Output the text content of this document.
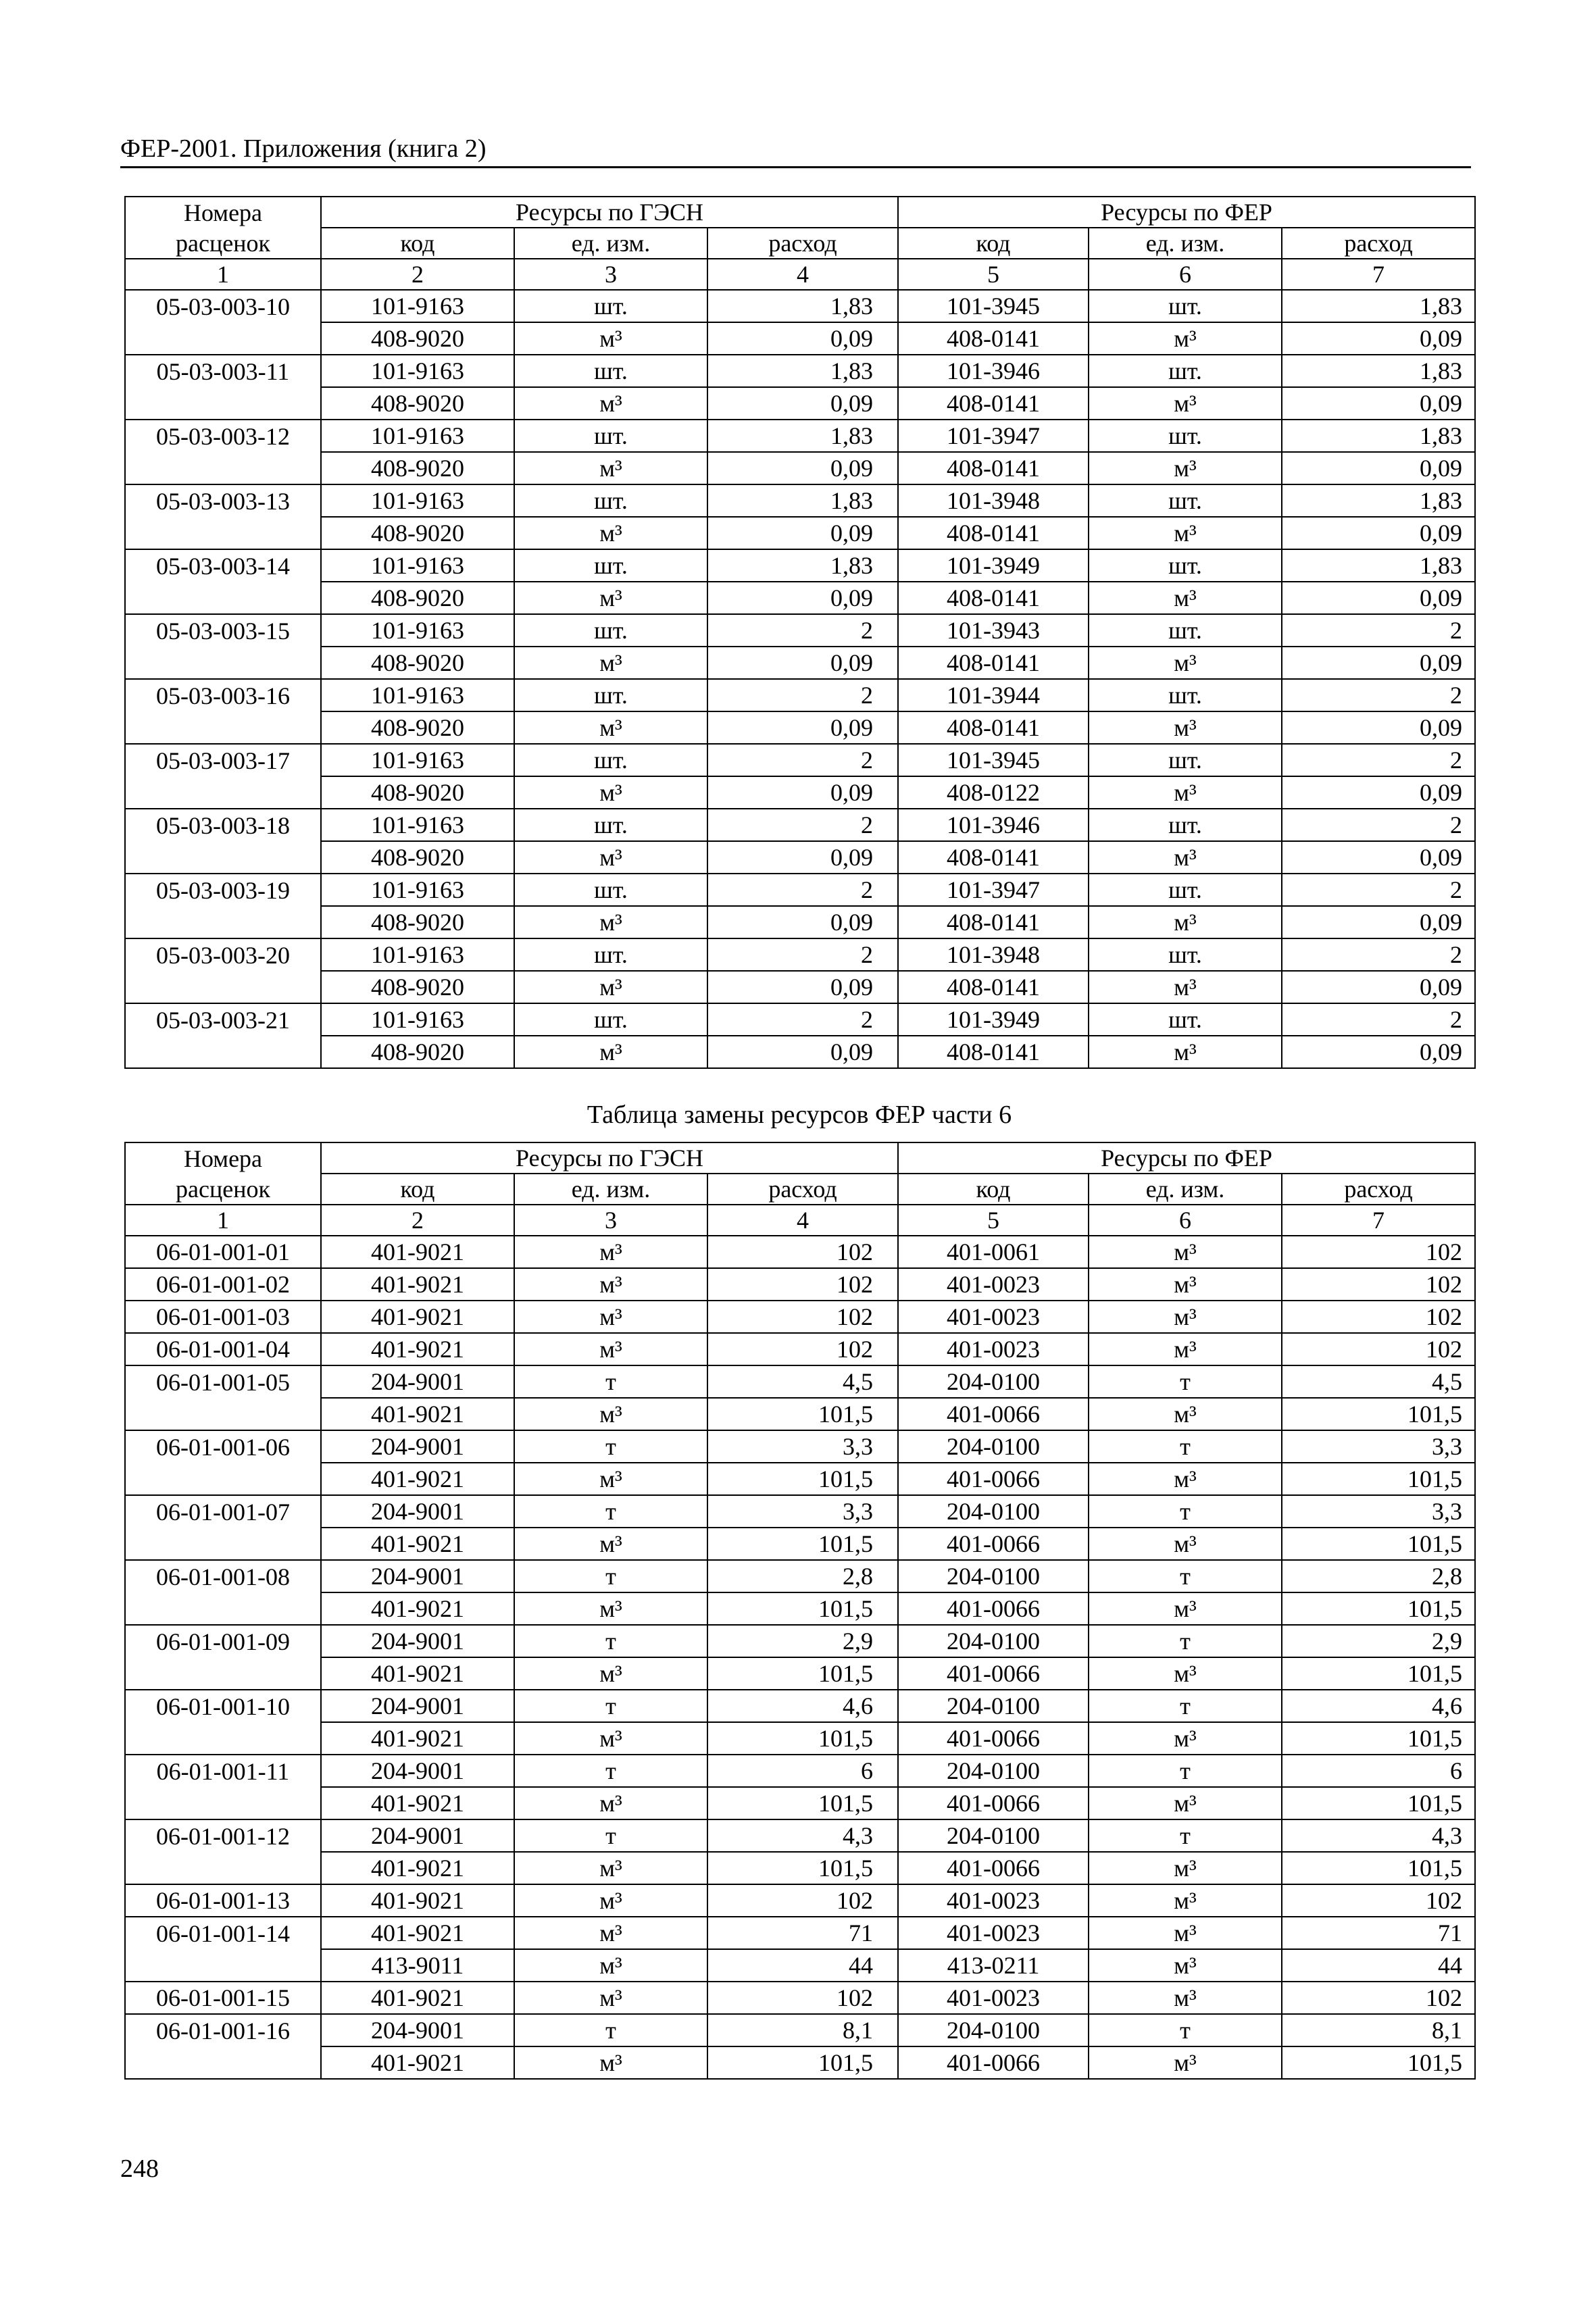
ФЕР-2001. Приложения (книга 2)
Номера	Ресурсы по ГЭСН			Ресурсы по ФЕР		
расценок	код	ед. изм.	расход	код	ед. изм.	расход
1	2	3	4	5	6	7
05-03-003-10	101-9163	шт.	1,83	101-3945	шт.	1,83
	408-9020	м³	0,09	408-0141	м³	0,09
05-03-003-11	101-9163	шт.	1,83	101-3946	шт.	1,83
	408-9020	м³	0,09	408-0141	м³	0,09
05-03-003-12	101-9163	шт.	1,83	101-3947	шт.	1,83
	408-9020	м³	0,09	408-0141	м³	0,09
05-03-003-13	101-9163	шт.	1,83	101-3948	шт.	1,83
	408-9020	м³	0,09	408-0141	м³	0,09
05-03-003-14	101-9163	шт.	1,83	101-3949	шт.	1,83
	408-9020	м³	0,09	408-0141	м³	0,09
05-03-003-15	101-9163	шт.	2	101-3943	шт.	2
	408-9020	м³	0,09	408-0141	м³	0,09
05-03-003-16	101-9163	шт.	2	101-3944	шт.	2
	408-9020	м³	0,09	408-0141	м³	0,09
05-03-003-17	101-9163	шт.	2	101-3945	шт.	2
	408-9020	м³	0,09	408-0122	м³	0,09
05-03-003-18	101-9163	шт.	2	101-3946	шт.	2
	408-9020	м³	0,09	408-0141	м³	0,09
05-03-003-19	101-9163	шт.	2	101-3947	шт.	2
	408-9020	м³	0,09	408-0141	м³	0,09
05-03-003-20	101-9163	шт.	2	101-3948	шт.	2
	408-9020	м³	0,09	408-0141	м³	0,09
05-03-003-21	101-9163	шт.	2	101-3949	шт.	2
	408-9020	м³	0,09	408-0141	м³	0,09
Таблица замены ресурсов ФЕР части 6
Номера	Ресурсы по ГЭСН			Ресурсы по ФЕР		
расценок	код	ед. изм.	расход	код	ед. изм.	расход
1	2	3	4	5	6	7
06-01-001-01	401-9021	м³	102	401-0061	м³	102
06-01-001-02	401-9021	м³	102	401-0023	м³	102
06-01-001-03	401-9021	м³	102	401-0023	м³	102
06-01-001-04	401-9021	м³	102	401-0023	м³	102
06-01-001-05	204-9001	т	4,5	204-0100	т	4,5
	401-9021	м³	101,5	401-0066	м³	101,5
06-01-001-06	204-9001	т	3,3	204-0100	т	3,3
	401-9021	м³	101,5	401-0066	м³	101,5
06-01-001-07	204-9001	т	3,3	204-0100	т	3,3
	401-9021	м³	101,5	401-0066	м³	101,5
06-01-001-08	204-9001	т	2,8	204-0100	т	2,8
	401-9021	м³	101,5	401-0066	м³	101,5
06-01-001-09	204-9001	т	2,9	204-0100	т	2,9
	401-9021	м³	101,5	401-0066	м³	101,5
06-01-001-10	204-9001	т	4,6	204-0100	т	4,6
	401-9021	м³	101,5	401-0066	м³	101,5
06-01-001-11	204-9001	т	6	204-0100	т	6
	401-9021	м³	101,5	401-0066	м³	101,5
06-01-001-12	204-9001	т	4,3	204-0100	т	4,3
	401-9021	м³	101,5	401-0066	м³	101,5
06-01-001-13	401-9021	м³	102	401-0023	м³	102
06-01-001-14	401-9021	м³	71	401-0023	м³	71
	413-9011	м³	44	413-0211	м³	44
06-01-001-15	401-9021	м³	102	401-0023	м³	102
06-01-001-16	204-9001	т	8,1	204-0100	т	8,1
	401-9021	м³	101,5	401-0066	м³	101,5
248
